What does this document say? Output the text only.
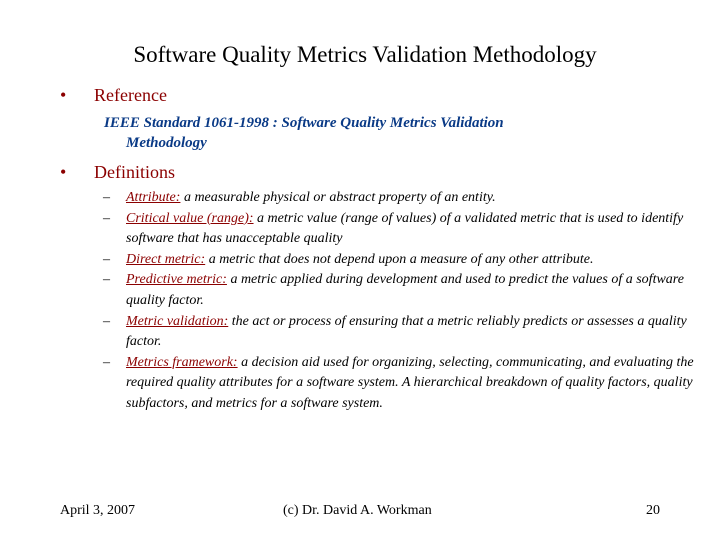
Software Quality Metrics Validation Methodology
• Reference
IEEE Standard 1061-1998 : Software Quality Metrics Validation
Methodology
• Definitions
– Attribute: a measurable physical or abstract property of an entity.
– Critical value (range): a metric value (range of values) of a validated metric that is used to identify software that has unacceptable quality
– Direct metric: a metric that does not depend upon a measure of any other attribute.
– Predictive metric: a metric applied during development and used to predict the values of a software quality factor.
– Metric validation: the act or process of ensuring that a metric reliably predicts or assesses a quality factor.
– Metrics framework: a decision aid used for organizing, selecting, communicating, and evaluating the required quality attributes for a software system. A hierarchical breakdown of quality factors, quality subfactors, and metrics for a software system.
April 3, 2007	(c) Dr. David A. Workman	20
